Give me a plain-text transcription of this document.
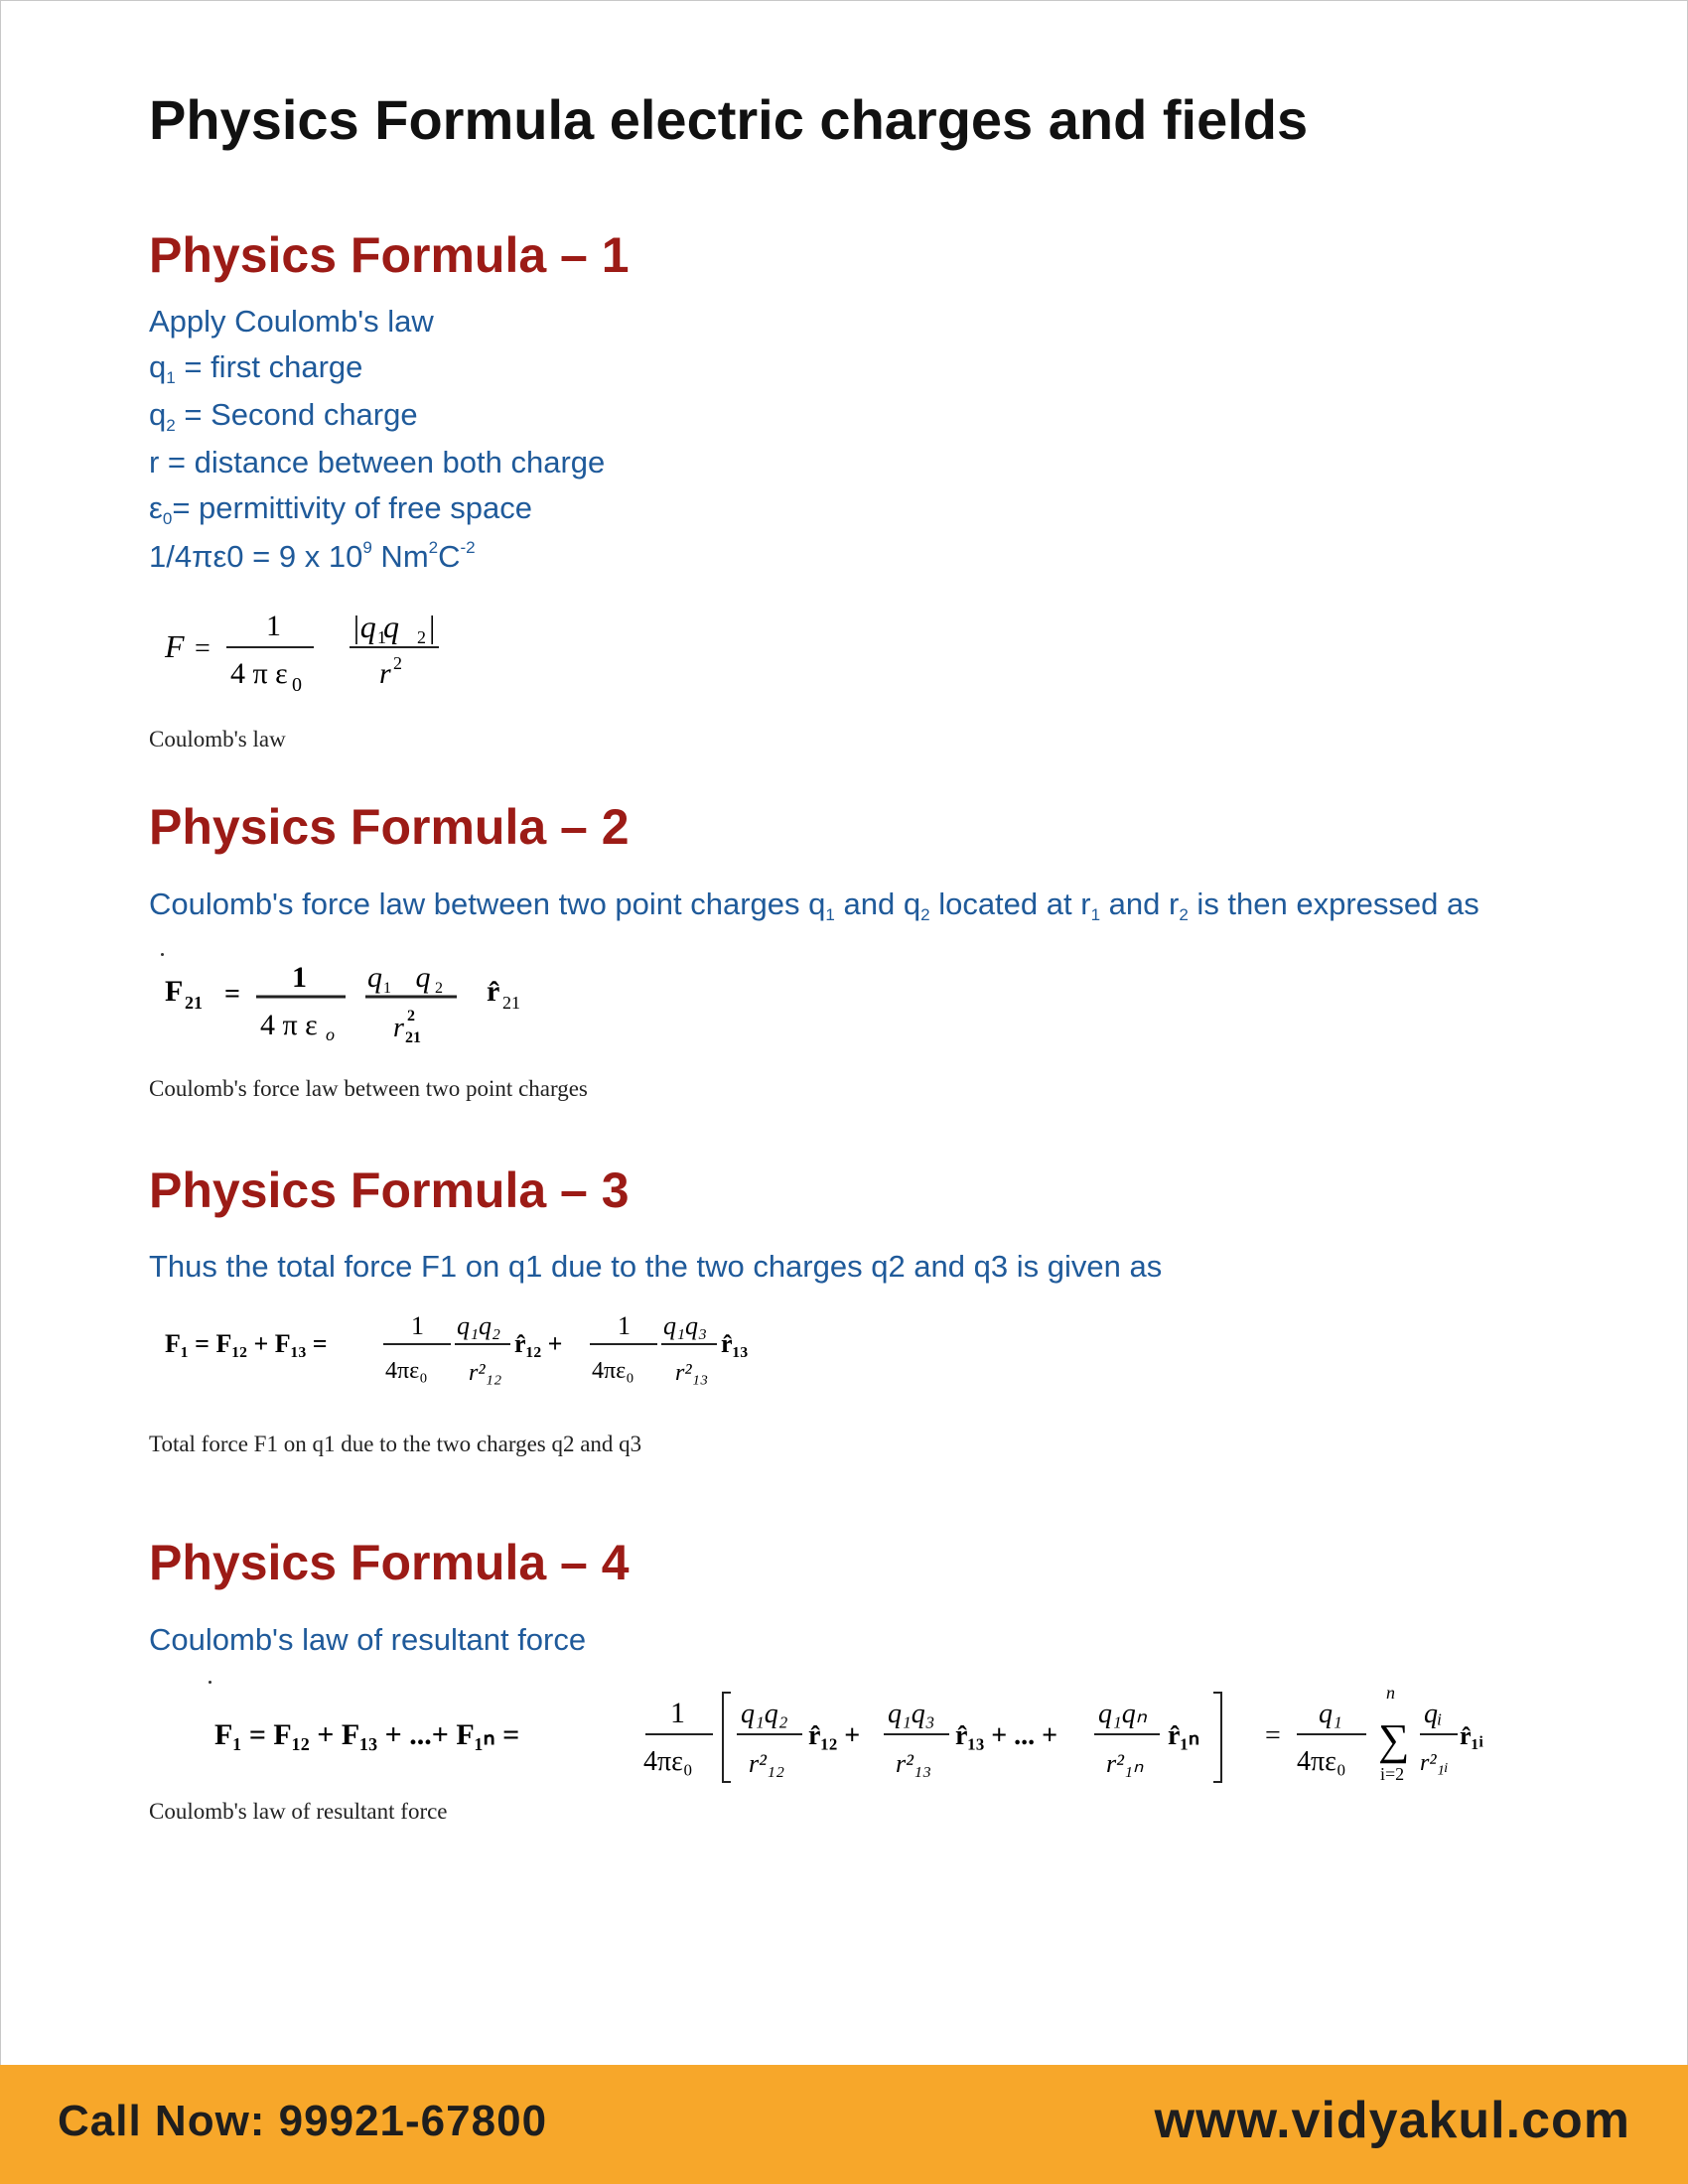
Physics Formula electric charges and fields
Physics Formula – 1

Apply Coulomb's law

q1 = first charge

q2 = Second charge

r = distance between both charge

ε0= permittivity of free space

1/4πε0 = 9 x $10^9$ $Nm^2C^{-2}$

F =
1
4 π ε 0
|q 1
q 2 |
r 2

Coulomb's law

Physics Formula – 2

Coulomb's force law between two point charges q1 and q2 located at r1 and r2 is then expressed as

F 21 =
1
4 π ε o
q 1 q 2
r 2
21
r̂ 21

Coulomb's force law between two point charges

Physics Formula – 3

Thus the total force F1 on q1 due to the two charges q2 and q3 is given as

F₁ = F₁₂ + F₁₃ =
1
4πε₀
q₁q₂
r²₁₂
r̂₁₂ +
1
4πε₀
q₁q₃
r²₁₃
r̂₁₃

Total force F1 on q1 due to the two charges q2 and q3

Physics Formula – 4

Coulomb's law of resultant force

F₁ = F₁₂ + F₁₃ + ...+ F₁ₙ =
1
4πε₀
q₁q₂
r²₁₂
r̂₁₂ +
q₁q₃
r²₁₃
r̂₁₃ + ... +
q₁qₙ
r²₁ₙ
r̂₁ₙ =
q₁
4πε₀
n
∑
i=2
qᵢ
r²₁ᵢ
r̂₁ᵢ

Coulomb's law of resultant force

Call Now: 99921-67800	www.vidyakul.com
